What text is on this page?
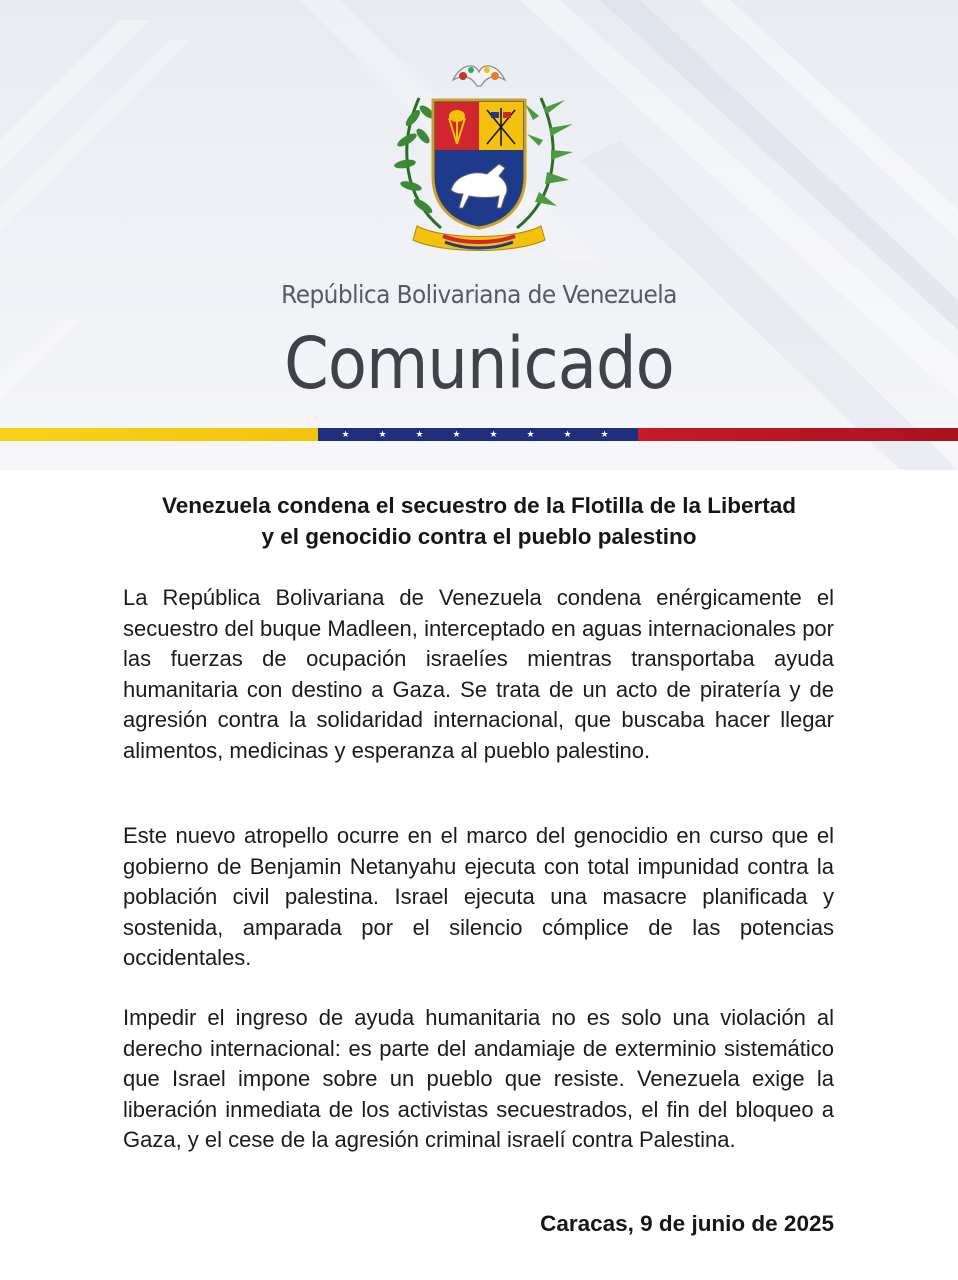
República Bolivariana de Venezuela
Comunicado
★	★	★	★	★	★	★	★
Venezuela condena el secuestro de la Flotilla de la Libertad
y el genocidio contra el pueblo palestino
La República Bolivariana de Venezuela condena enérgicamente el secuestro del buque Madleen, interceptado en aguas internacionales por las fuerzas de ocupación israelíes mientras transportaba ayuda humanitaria con destino a Gaza. Se trata de un acto de piratería y de agresión contra la solidaridad internacional, que buscaba hacer llegar alimentos, medicinas y esperanza al pueblo palestino.
Este nuevo atropello ocurre en el marco del genocidio en curso que el gobierno de Benjamin Netanyahu ejecuta con total impunidad contra la población civil palestina. Israel ejecuta una masacre planificada y sostenida, amparada por el silencio cómplice de las potencias occidentales.
Impedir el ingreso de ayuda humanitaria no es solo una violación al derecho internacional: es parte del andamiaje de exterminio sistemático que Israel impone sobre un pueblo que resiste. Venezuela exige la liberación inmediata de los activistas secuestrados, el fin del bloqueo a Gaza, y el cese de la agresión criminal israelí contra Palestina.
Caracas, 9 de junio de 2025
